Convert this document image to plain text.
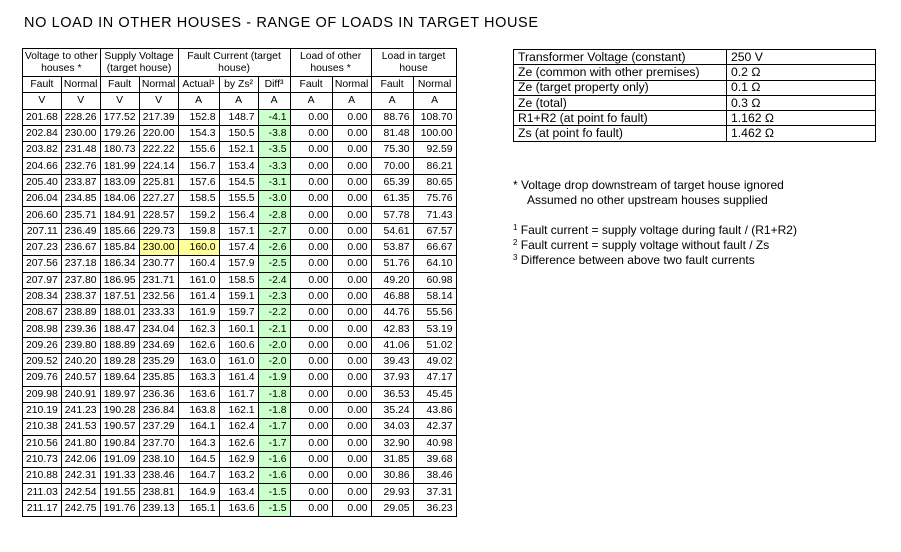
NO LOAD IN OTHER HOUSES - RANGE OF LOADS IN TARGET HOUSE
Voltage to other houses *		Supply Voltage (target house)		Fault Current (target house)			Load of other houses *		Load in target house	
Fault	Normal	Fault	Normal	Actual¹	by Zs²	Diff³	Fault	Normal	Fault	Normal
V	V	V	V	A	A	A	A	A	A	A
201.68	228.26	177.52	217.39	152.8	148.7	-4.1	0.00	0.00	88.76	108.70
202.84	230.00	179.26	220.00	154.3	150.5	-3.8	0.00	0.00	81.48	100.00
203.82	231.48	180.73	222.22	155.6	152.1	-3.5	0.00	0.00	75.30	92.59
204.66	232.76	181.99	224.14	156.7	153.4	-3.3	0.00	0.00	70.00	86.21
205.40	233.87	183.09	225.81	157.6	154.5	-3.1	0.00	0.00	65.39	80.65
206.04	234.85	184.06	227.27	158.5	155.5	-3.0	0.00	0.00	61.35	75.76
206.60	235.71	184.91	228.57	159.2	156.4	-2.8	0.00	0.00	57.78	71.43
207.11	236.49	185.66	229.73	159.8	157.1	-2.7	0.00	0.00	54.61	67.57
207.23	236.67	185.84	230.00	160.0	157.4	-2.6	0.00	0.00	53.87	66.67
207.56	237.18	186.34	230.77	160.4	157.9	-2.5	0.00	0.00	51.76	64.10
207.97	237.80	186.95	231.71	161.0	158.5	-2.4	0.00	0.00	49.20	60.98
208.34	238.37	187.51	232.56	161.4	159.1	-2.3	0.00	0.00	46.88	58.14
208.67	238.89	188.01	233.33	161.9	159.7	-2.2	0.00	0.00	44.76	55.56
208.98	239.36	188.47	234.04	162.3	160.1	-2.1	0.00	0.00	42.83	53.19
209.26	239.80	188.89	234.69	162.6	160.6	-2.0	0.00	0.00	41.06	51.02
209.52	240.20	189.28	235.29	163.0	161.0	-2.0	0.00	0.00	39.43	49.02
209.76	240.57	189.64	235.85	163.3	161.4	-1.9	0.00	0.00	37.93	47.17
209.98	240.91	189.97	236.36	163.6	161.7	-1.8	0.00	0.00	36.53	45.45
210.19	241.23	190.28	236.84	163.8	162.1	-1.8	0.00	0.00	35.24	43.86
210.38	241.53	190.57	237.29	164.1	162.4	-1.7	0.00	0.00	34.03	42.37
210.56	241.80	190.84	237.70	164.3	162.6	-1.7	0.00	0.00	32.90	40.98
210.73	242.06	191.09	238.10	164.5	162.9	-1.6	0.00	0.00	31.85	39.68
210.88	242.31	191.33	238.46	164.7	163.2	-1.6	0.00	0.00	30.86	38.46
211.03	242.54	191.55	238.81	164.9	163.4	-1.5	0.00	0.00	29.93	37.31
211.17	242.75	191.76	239.13	165.1	163.6	-1.5	0.00	0.00	29.05	36.23
Transformer Voltage (constant)	250 V
Ze (common with other premises)	0.2 Ω
Ze (target property only)	0.1 Ω
Ze (total)	0.3 Ω
R1+R2 (at point fo fault)	1.162 Ω
Zs (at point fo fault)	1.462 Ω
* Voltage drop downstream of target house ignored
Assumed no other upstream houses supplied
$^1$ Fault current = supply voltage during fault / (R1+R2)
$^2$ Fault current = supply voltage without fault / Zs
$^3$ Difference between above two fault currents
